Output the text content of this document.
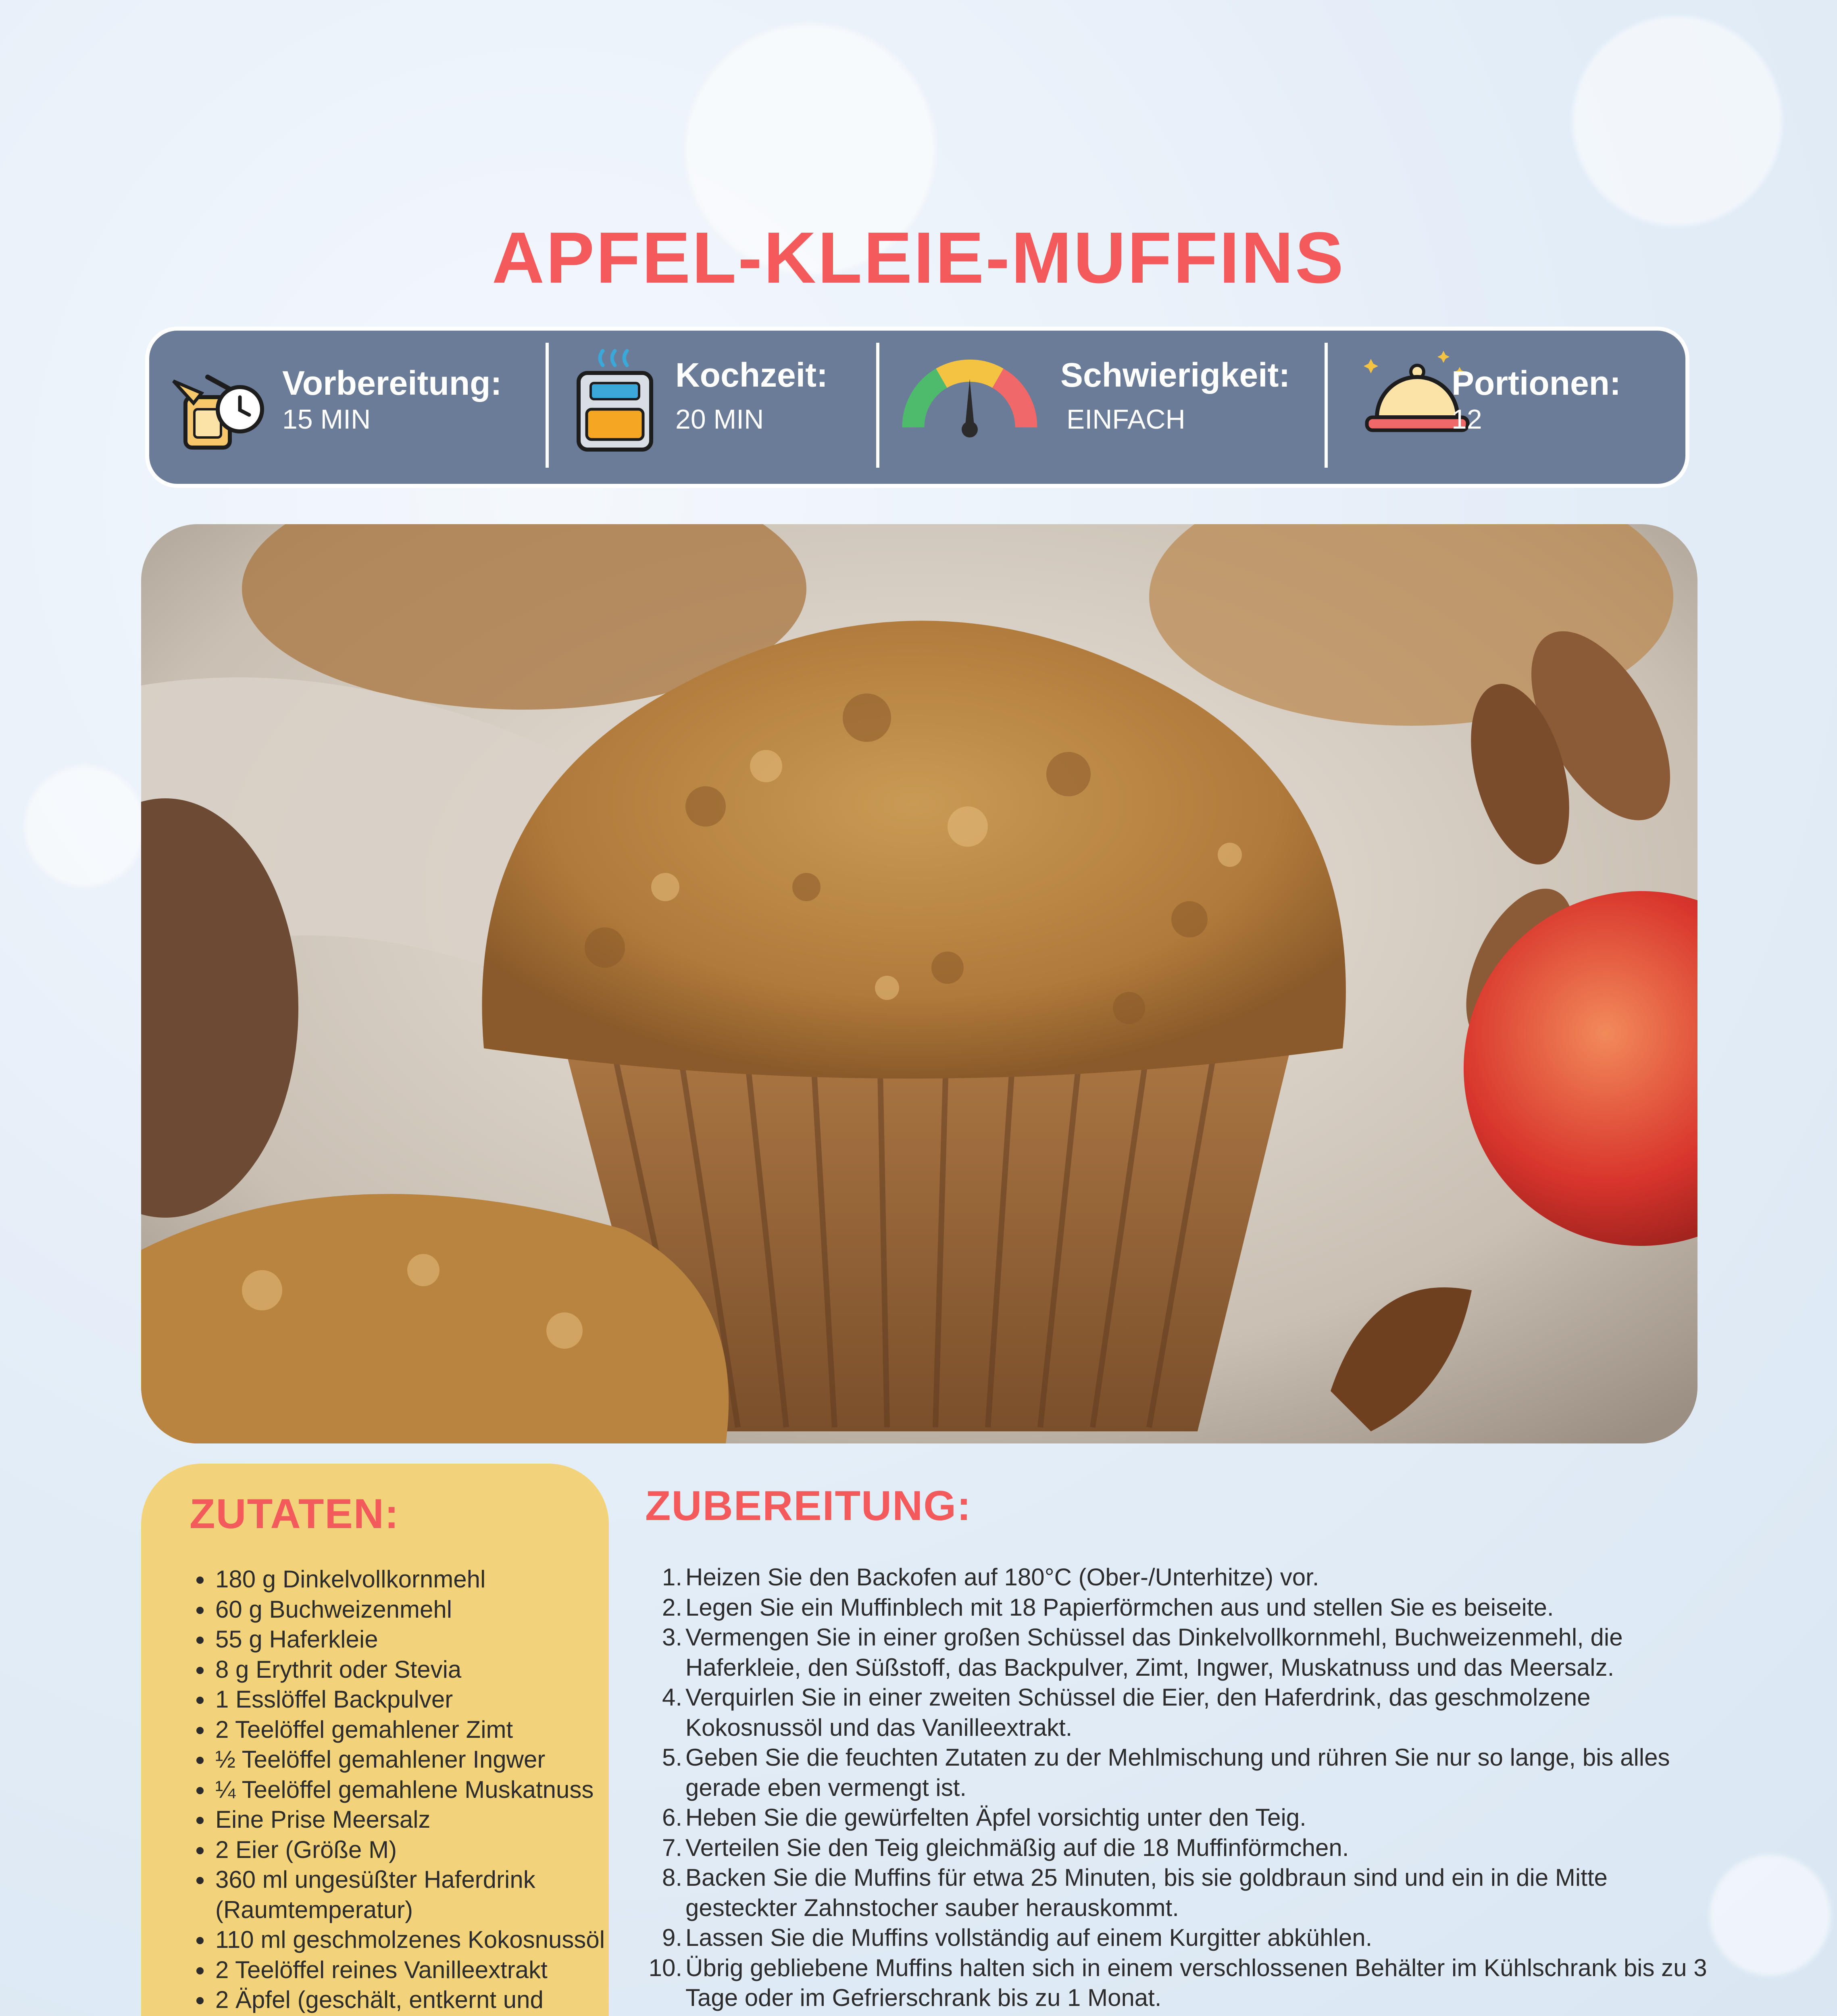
APFEL-KLEIE-MUFFINS
Vorbereitung:
15 MIN
Kochzeit:
20 MIN
Schwierigkeit:
EINFACH
Portionen:
12
ZUTATEN:
• 180 g Dinkelvollkornmehl
• 60 g Buchweizenmehl
• 55 g Haferkleie
• 8 g Erythrit oder Stevia
• 1 Esslöffel Backpulver
• 2 Teelöffel gemahlener Zimt
• ½ Teelöffel gemahlener Ingwer
• ¼ Teelöffel gemahlene Muskatnuss
• Eine Prise Meersalz
• 2 Eier (Größe M)
• 360 ml ungesüßter Haferdrink (Raumtemperatur)
• 110 ml geschmolzenes Kokosnussöl
• 2 Teelöffel reines Vanilleextrakt
• 2 Äpfel (geschält, entkernt und
ZUBEREITUNG:
1. Heizen Sie den Backofen auf 180°C (Ober-/Unterhitze) vor.
2. Legen Sie ein Muffinblech mit 18 Papierförmchen aus und stellen Sie es beiseite.
3. Vermengen Sie in einer großen Schüssel das Dinkelvollkornmehl, Buchweizenmehl, die Haferkleie, den Süßstoff, das Backpulver, Zimt, Ingwer, Muskatnuss und das Meersalz.
4. Verquirlen Sie in einer zweiten Schüssel die Eier, den Haferdrink, das geschmolzene Kokosnussöl und das Vanilleextrakt.
5. Geben Sie die feuchten Zutaten zu der Mehlmischung und rühren Sie nur so lange, bis alles gerade eben vermengt ist.
6. Heben Sie die gewürfelten Äpfel vorsichtig unter den Teig.
7. Verteilen Sie den Teig gleichmäßig auf die 18 Muffinförmchen.
8. Backen Sie die Muffins für etwa 25 Minuten, bis sie goldbraun sind und ein in die Mitte gesteckter Zahnstocher sauber herauskommt.
9. Lassen Sie die Muffins vollständig auf einem Kurgitter abkühlen.
10. Übrig gebliebene Muffins halten sich in einem verschlossenen Behälter im Kühlschrank bis zu 3 Tage oder im Gefrierschrank bis zu 1 Monat.
